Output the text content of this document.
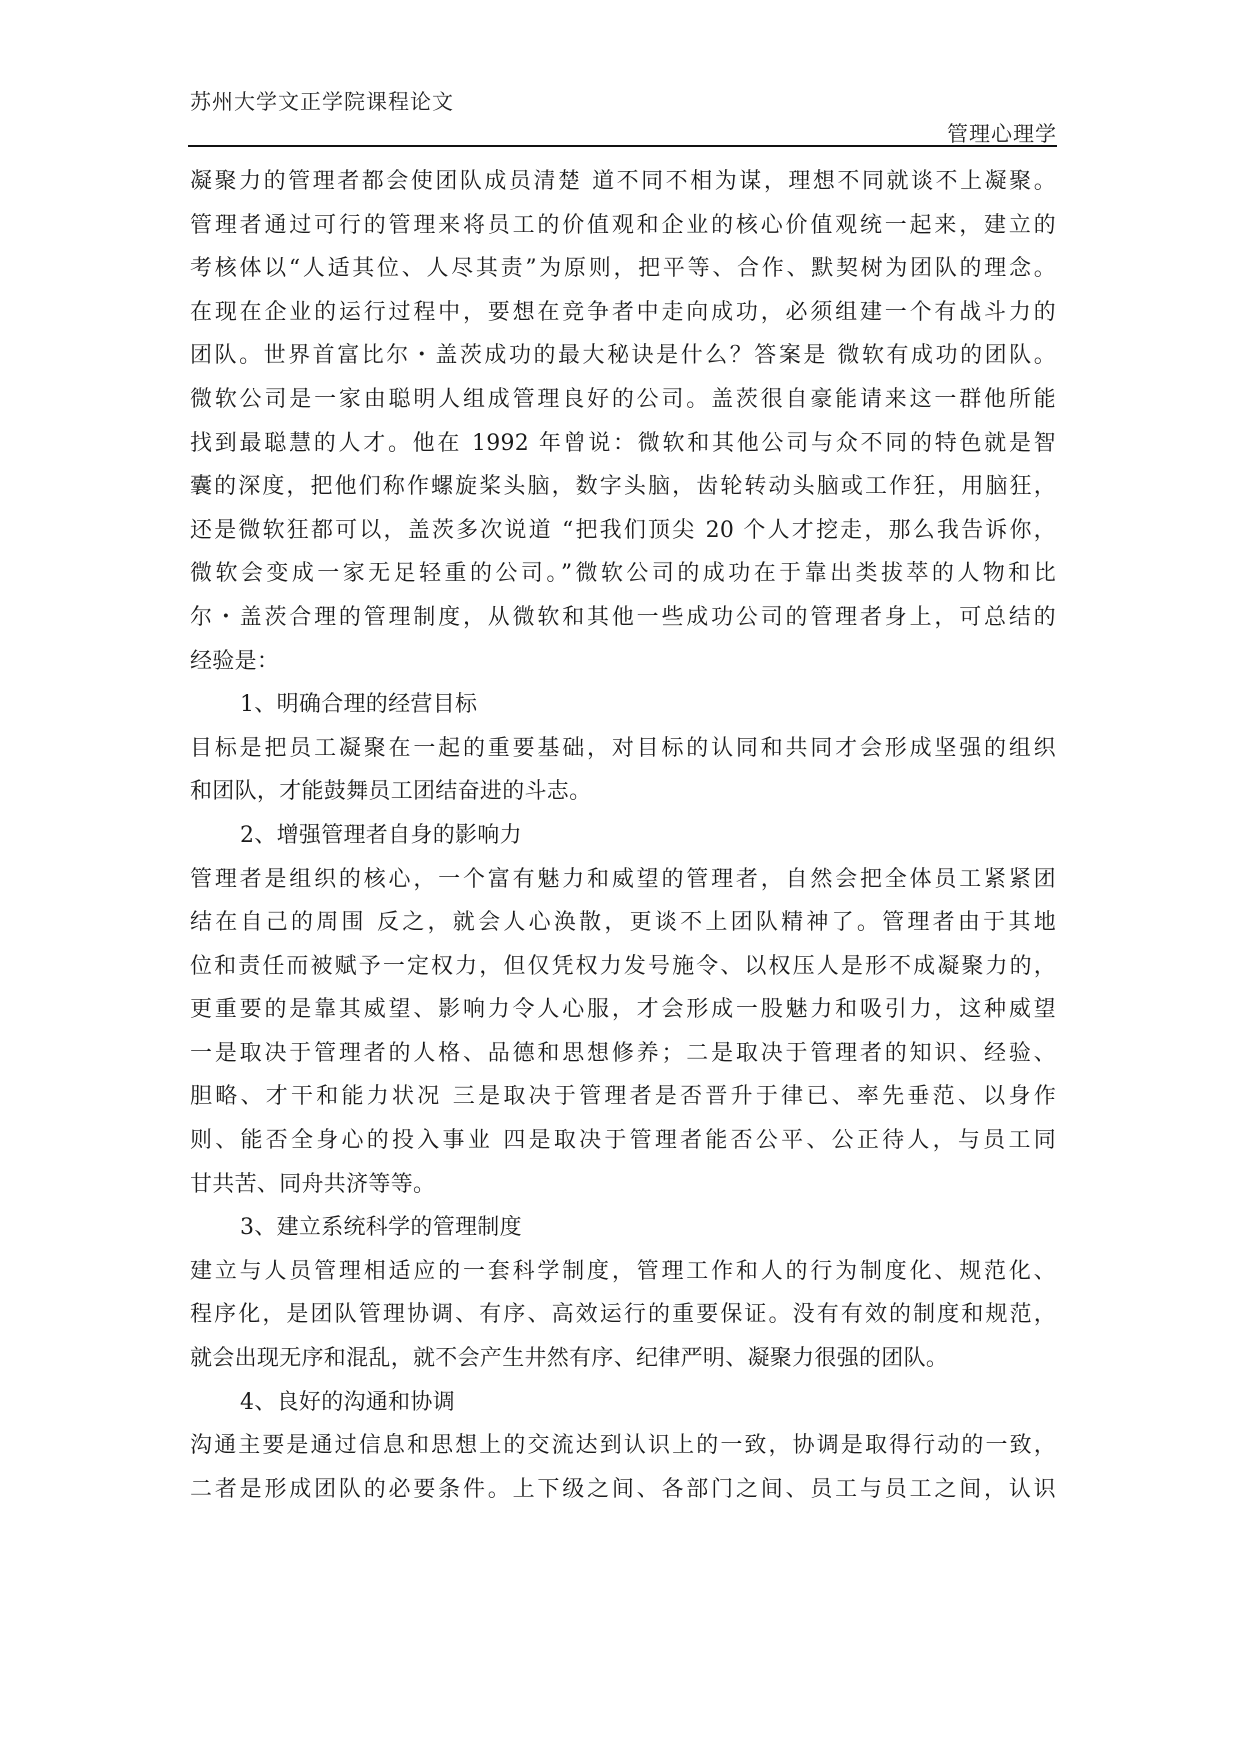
苏州大学文正学院课程论文
管理心理学
凝聚力的管理者都会使团队成员清楚 道不同不相为谋，理想不同就谈不上凝聚。
管理者通过可行的管理来将员工的价值观和企业的核心价值观统一起来，建立的
考核体以“人适其位、人尽其责”为原则，把平等、合作、默契树为团队的理念。
在现在企业的运行过程中，要想在竞争者中走向成功，必须组建一个有战斗力的
团队。世界首富比尔・盖茨成功的最大秘诀是什么？答案是 微软有成功的团队。
微软公司是一家由聪明人组成管理良好的公司。盖茨很自豪能请来这一群他所能
找到最聪慧的人才。他在 1992 年曾说：微软和其他公司与众不同的特色就是智
囊的深度，把他们称作螺旋桨头脑，数字头脑，齿轮转动头脑或工作狂，用脑狂，
还是微软狂都可以，盖茨多次说道 “把我们顶尖 20 个人才挖走，那么我告诉你，
微软会变成一家无足轻重的公司。”微软公司的成功在于靠出类拔萃的人物和比
尔・盖茨合理的管理制度，从微软和其他一些成功公司的管理者身上，可总结的
经验是：
1、明确合理的经营目标
目标是把员工凝聚在一起的重要基础，对目标的认同和共同才会形成坚强的组织
和团队，才能鼓舞员工团结奋进的斗志。
2、增强管理者自身的影响力
管理者是组织的核心，一个富有魅力和威望的管理者，自然会把全体员工紧紧团
结在自己的周围 反之，就会人心涣散，更谈不上团队精神了。管理者由于其地
位和责任而被赋予一定权力，但仅凭权力发号施令、以权压人是形不成凝聚力的，
更重要的是靠其威望、影响力令人心服，才会形成一股魅力和吸引力，这种威望
一是取决于管理者的人格、品德和思想修养；二是取决于管理者的知识、经验、
胆略、才干和能力状况 三是取决于管理者是否晋升于律已、率先垂范、以身作
则、能否全身心的投入事业 四是取决于管理者能否公平、公正待人，与员工同
甘共苦、同舟共济等等。
3、建立系统科学的管理制度
建立与人员管理相适应的一套科学制度，管理工作和人的行为制度化、规范化、
程序化，是团队管理协调、有序、高效运行的重要保证。没有有效的制度和规范，
就会出现无序和混乱，就不会产生井然有序、纪律严明、凝聚力很强的团队。
4、良好的沟通和协调
沟通主要是通过信息和思想上的交流达到认识上的一致，协调是取得行动的一致，
二者是形成团队的必要条件。上下级之间、各部门之间、员工与员工之间，认识
